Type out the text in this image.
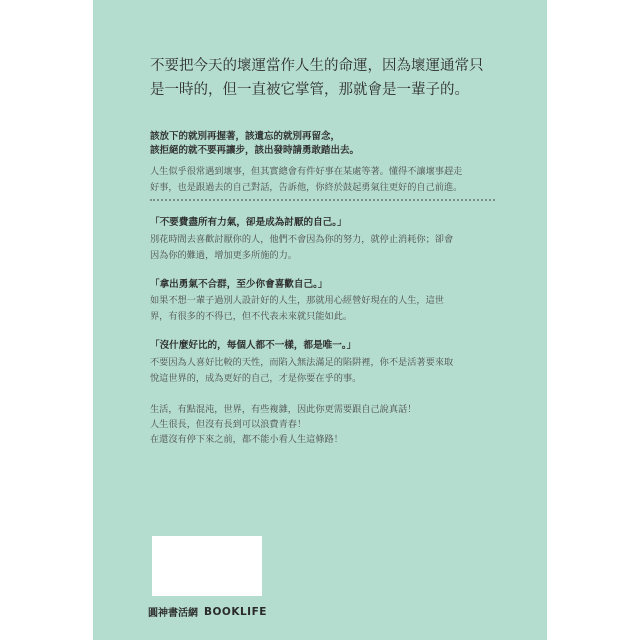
不要把今天的壞運當作人生的命運，因為壞運通常只
是一時的，但一直被它掌管，那就會是一輩子的。
該放下的就別再握著，該遺忘的就別再留念，
該拒絕的就不要再讓步，該出發時請勇敢踏出去。
人生似乎很常遇到壞事，但其實總會有件好事在某處等著。懂得不讓壞事趕走
好事，也是跟過去的自己對話，告訴他，你終於鼓起勇氣往更好的自己前進。
「不要費盡所有力氣，卻是成為討厭的自己。」
別花時間去喜歡討厭你的人，他們不會因為你的努力，就停止消耗你；卻會
因為你的難過，增加更多所施的力。
「拿出勇氣不合群，至少你會喜歡自己。」
如果不想一輩子過別人設計好的人生，那就用心經營好現在的人生，這世
界，有很多的不得已，但不代表未來就只能如此。
「沒什麼好比的，每個人都不一樣，都是唯一。」
不要因為人喜好比較的天性，而陷入無法滿足的陷阱裡，你不是活著要來取
悅這世界的，成為更好的自己，才是你要在乎的事。
生活，有點混沌，世界，有些複雜，因此你更需要跟自己說真話！
人生很長，但沒有長到可以浪費青春！
在還沒有停下來之前，都不能小看人生這條路！
圓神書活網 BOOKLIFE
